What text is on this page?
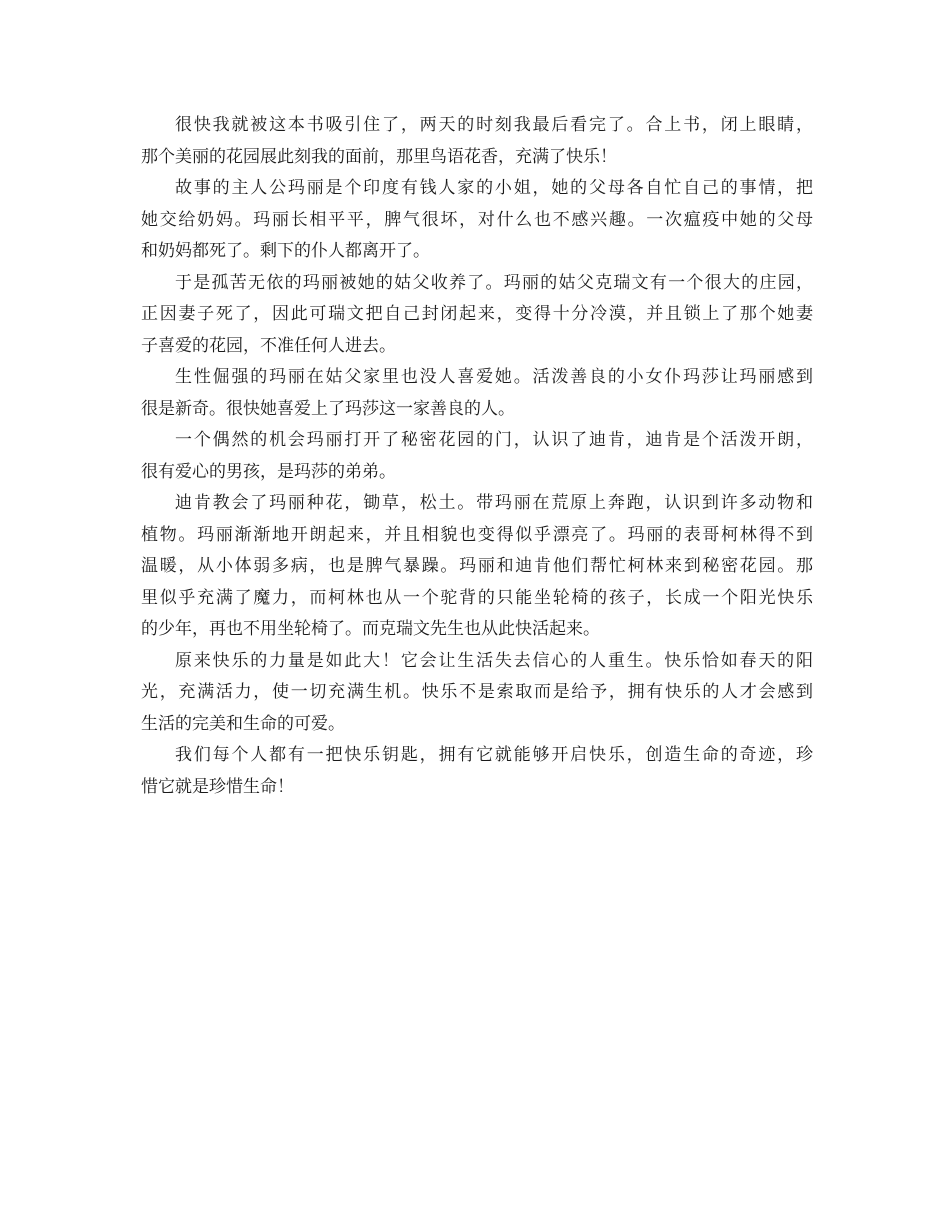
很快我就被这本书吸引住了，两天的时刻我最后看完了。合上书，闭上眼睛，
那个美丽的花园展此刻我的面前，那里鸟语花香，充满了快乐！
故事的主人公玛丽是个印度有钱人家的小姐，她的父母各自忙自己的事情，把
她交给奶妈。玛丽长相平平，脾气很坏，对什么也不感兴趣。一次瘟疫中她的父母
和奶妈都死了。剩下的仆人都离开了。
于是孤苦无依的玛丽被她的姑父收养了。玛丽的姑父克瑞文有一个很大的庄园，
正因妻子死了，因此可瑞文把自己封闭起来，变得十分冷漠，并且锁上了那个她妻
子喜爱的花园，不准任何人进去。
生性倔强的玛丽在姑父家里也没人喜爱她。活泼善良的小女仆玛莎让玛丽感到
很是新奇。很快她喜爱上了玛莎这一家善良的人。
一个偶然的机会玛丽打开了秘密花园的门，认识了迪肯，迪肯是个活泼开朗，
很有爱心的男孩，是玛莎的弟弟。
迪肯教会了玛丽种花，锄草，松土。带玛丽在荒原上奔跑，认识到许多动物和
植物。玛丽渐渐地开朗起来，并且相貌也变得似乎漂亮了。玛丽的表哥柯林得不到
温暖，从小体弱多病，也是脾气暴躁。玛丽和迪肯他们帮忙柯林来到秘密花园。那
里似乎充满了魔力，而柯林也从一个驼背的只能坐轮椅的孩子，长成一个阳光快乐
的少年，再也不用坐轮椅了。而克瑞文先生也从此快活起来。
原来快乐的力量是如此大！它会让生活失去信心的人重生。快乐恰如春天的阳
光，充满活力，使一切充满生机。快乐不是索取而是给予，拥有快乐的人才会感到
生活的完美和生命的可爱。
我们每个人都有一把快乐钥匙，拥有它就能够开启快乐，创造生命的奇迹，珍
惜它就是珍惜生命！
